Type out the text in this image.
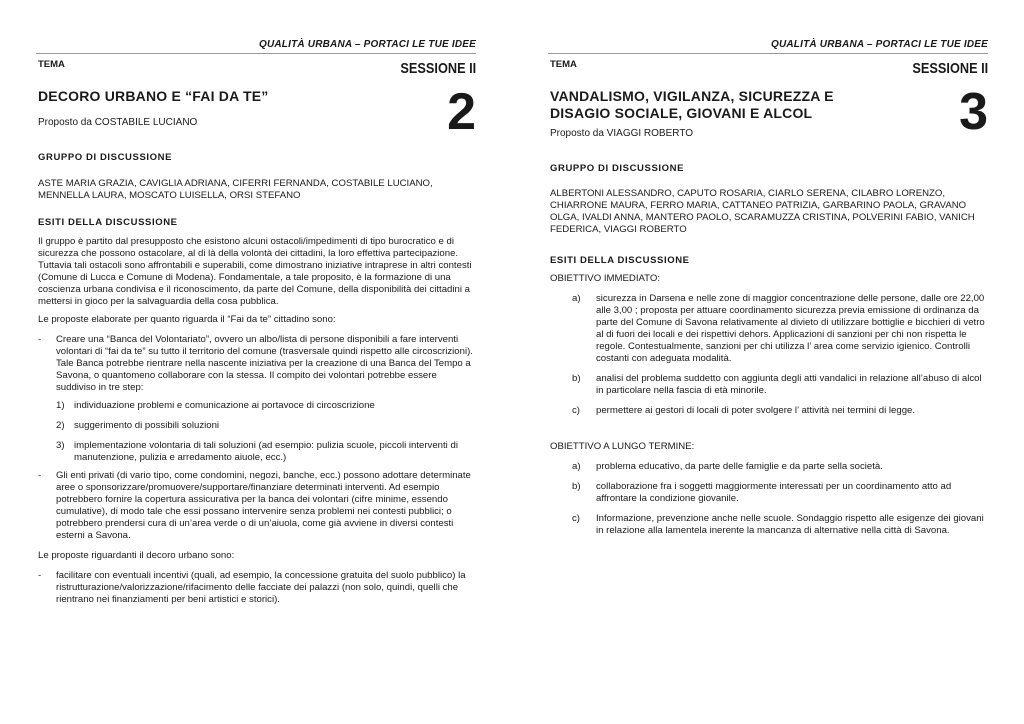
QUALITÀ URBANA – PORTACI LE TUE IDEE
TEMA	SESSIONE II
2
DECORO URBANO E “FAI DA TE”
Proposto da COSTABILE LUCIANO
GRUPPO DI DISCUSSIONE
ASTE MARIA GRAZIA, CAVIGLIA ADRIANA, CIFERRI FERNANDA, COSTABILE LUCIANO, MENNELLA LAURA, MOSCATO LUISELLA, ORSI STEFANO
ESITI DELLA DISCUSSIONE

Il gruppo è partito dal presupposto che esistono alcuni ostacoli/impedimenti di tipo burocratico e di sicurezza che possono ostacolare, al di là della volontà dei cittadini, la loro effettiva partecipazione. Tuttavia tali ostacoli sono affrontabili e superabili, come dimostrano iniziative intraprese in altri contesti (Comune di Lucca e Comune di Modena). Fondamentale, a tale proposito, è la formazione di una coscienza urbana condivisa e il riconoscimento, da parte del Comune, della disponibilità dei cittadini a mettersi in gioco per la salvaguardia della cosa pubblica.

Le proposte elaborate per quanto riguarda il “Fai da te” cittadino sono:

- Creare una “Banca del Volontariato”, ovvero un albo/lista di persone disponibili a fare interventi volontari di “fai da te” su tutto il territorio del comune (trasversale quindi rispetto alle circoscrizioni). Tale Banca potrebbe rientrare nella nascente iniziativa per la creazione di una Banca del Tempo a Savona, o quantomeno collaborare con la stessa. Il compito dei volontari potrebbe essere suddiviso in tre step:
1) individuazione problemi e comunicazione ai portavoce di circoscrizione
2) suggerimento di possibili soluzioni
3) implementazione volontaria di tali soluzioni (ad esempio: pulizia scuole, piccoli interventi di manutenzione, pulizia e arredamento aiuole, ecc.)
- Gli enti privati (di vario tipo, come condomini, negozi, banche, ecc.) possono adottare determinate aree o sponsorizzare/promuovere/supportare/finanziare determinati interventi. Ad esempio potrebbero fornire la copertura assicurativa per la banca dei volontari (cifre minime, essendo cumulative), di modo tale che essi possano intervenire senza problemi nei contesti pubblici; o potrebbero prendersi cura di un’area verde o di un’aiuola, come già avviene in diversi contesti esterni a Savona.

Le proposte riguardanti il decoro urbano sono:

- facilitare con eventuali incentivi (quali, ad esempio, la concessione gratuita del suolo pubblico) la ristrutturazione/valorizzazione/rifacimento delle facciate dei palazzi (non solo, quindi, quelli che rientrano nei finanziamenti per beni artistici e storici).
QUALITÀ URBANA – PORTACI LE TUE IDEE
TEMA	SESSIONE II
3
VANDALISMO, VIGILANZA, SICUREZZA E DISAGIO SOCIALE, GIOVANI E ALCOL
Proposto da VIAGGI ROBERTO
GRUPPO DI DISCUSSIONE
ALBERTONI ALESSANDRO, CAPUTO ROSARIA, CIARLO SERENA, CILABRO LORENZO, CHIARRONE MAURA, FERRO MARIA, CATTANEO PATRIZIA, GARBARINO PAOLA, GRAVANO OLGA, IVALDI ANNA, MANTERO PAOLO, SCARAMUZZA CRISTINA, POLVERINI FABIO, VANICH FEDERICA, VIAGGI ROBERTO
ESITI DELLA DISCUSSIONE

OBIETTIVO IMMEDIATO:

a) sicurezza in Darsena e nelle zone di maggior concentrazione delle persone, dalle ore 22,00 alle 3,00 ; proposta per attuare coordinamento sicurezza previa emissione di ordinanza da parte del Comune di Savona relativamente al divieto di utilizzare bottiglie e bicchieri di vetro al di fuori dei locali e dei rispettivi dehors. Applicazioni di sanzioni per chi non rispetta le regole. Contestualmente, sanzioni per chi utilizza l’ area come servizio igienico. Controlli costanti con adeguata modalità.
b) analisi del problema suddetto con aggiunta degli atti vandalici in relazione all’abuso di alcol in particolare nella fascia di età minorile.
c) permettere ai gestori di locali di poter svolgere l’ attività nei termini di legge.

OBIETTIVO A LUNGO TERMINE:

a) problema educativo, da parte delle famiglie e da parte sella società.
b) collaborazione fra i soggetti maggiormente interessati per un coordinamento atto ad affrontare la condizione giovanile.
c) Informazione, prevenzione anche nelle scuole. Sondaggio rispetto alle esigenze dei giovani in relazione alla lamentela inerente la mancanza di alternative nella città di Savona.
